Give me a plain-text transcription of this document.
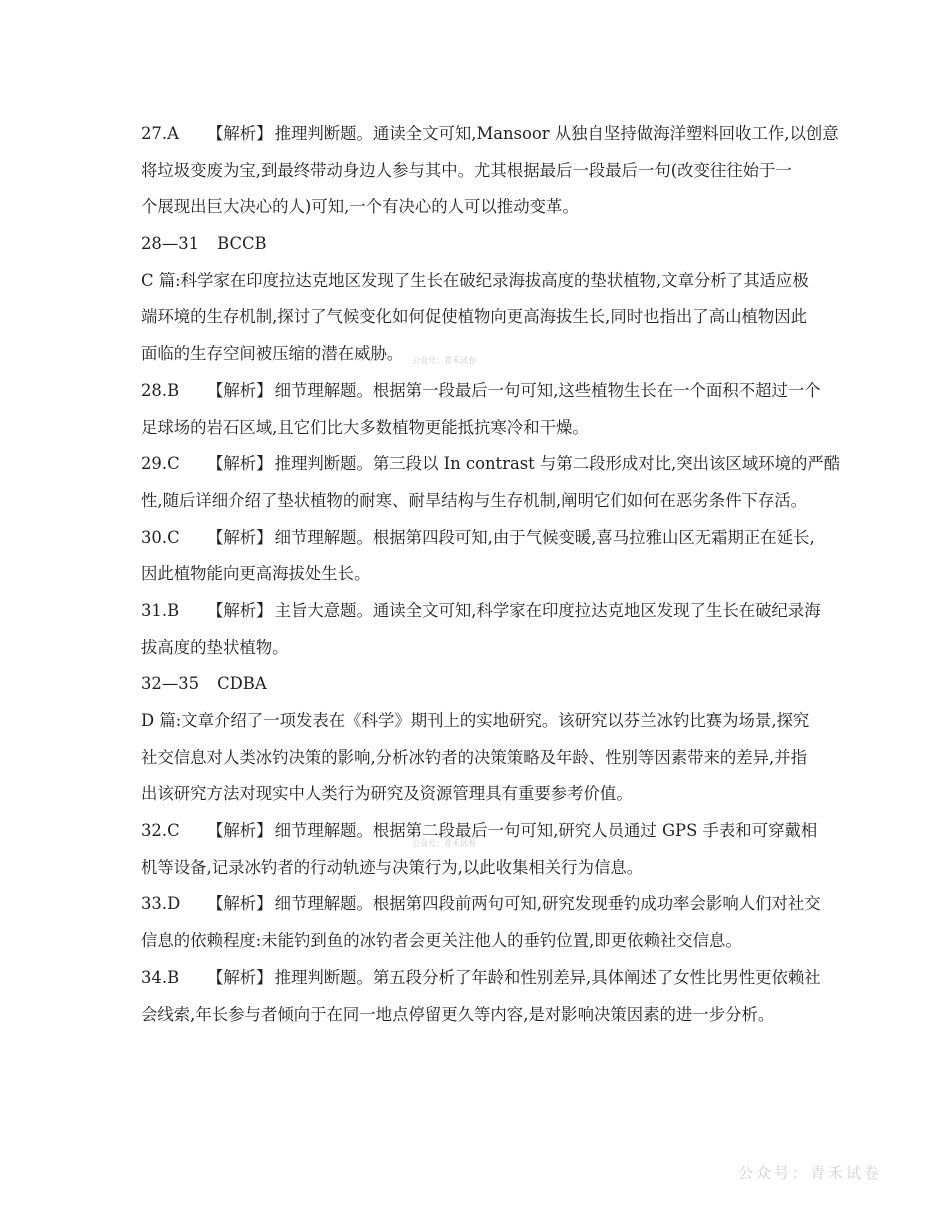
27.A 【解析】 推理判断题。通读全文可知,Mansoor 从独自坚持做海洋塑料回收工作,以创意
将垃圾变废为宝,到最终带动身边人参与其中。尤其根据最后一段最后一句(改变往往始于一
个展现出巨大决心的人)可知,一个有决心的人可以推动变革。
28—31 BCCB
C 篇:科学家在印度拉达克地区发现了生长在破纪录海拔高度的垫状植物,文章分析了其适应极
端环境的生存机制,探讨了气候变化如何促使植物向更高海拔生长,同时也指出了高山植物因此
面临的生存空间被压缩的潜在威胁。
28.B 【解析】 细节理解题。根据第一段最后一句可知,这些植物生长在一个面积不超过一个
足球场的岩石区域,且它们比大多数植物更能抵抗寒冷和干燥。
29.C 【解析】 推理判断题。第三段以 In contrast 与第二段形成对比,突出该区域环境的严酷
性,随后详细介绍了垫状植物的耐寒、耐旱结构与生存机制,阐明它们如何在恶劣条件下存活。
30.C 【解析】 细节理解题。根据第四段可知,由于气候变暖,喜马拉雅山区无霜期正在延长,
因此植物能向更高海拔处生长。
31.B 【解析】 主旨大意题。通读全文可知,科学家在印度拉达克地区发现了生长在破纪录海
拔高度的垫状植物。
32—35 CDBA
D 篇:文章介绍了一项发表在《科学》期刊上的实地研究。该研究以芬兰冰钓比赛为场景,探究
社交信息对人类冰钓决策的影响,分析冰钓者的决策策略及年龄、性别等因素带来的差异,并指
出该研究方法对现实中人类行为研究及资源管理具有重要参考价值。
32.C 【解析】 细节理解题。根据第二段最后一句可知,研究人员通过 GPS 手表和可穿戴相
机等设备,记录冰钓者的行动轨迹与决策行为,以此收集相关行为信息。
33.D 【解析】 细节理解题。根据第四段前两句可知,研究发现垂钓成功率会影响人们对社交
信息的依赖程度:未能钓到鱼的冰钓者会更关注他人的垂钓位置,即更依赖社交信息。
34.B 【解析】 推理判断题。第五段分析了年龄和性别差异,具体阐述了女性比男性更依赖社
会线索,年长参与者倾向于在同一地点停留更久等内容,是对影响决策因素的进一步分析。
公众号：青禾试卷
公众号：青禾试卷
公众号：青禾试卷
